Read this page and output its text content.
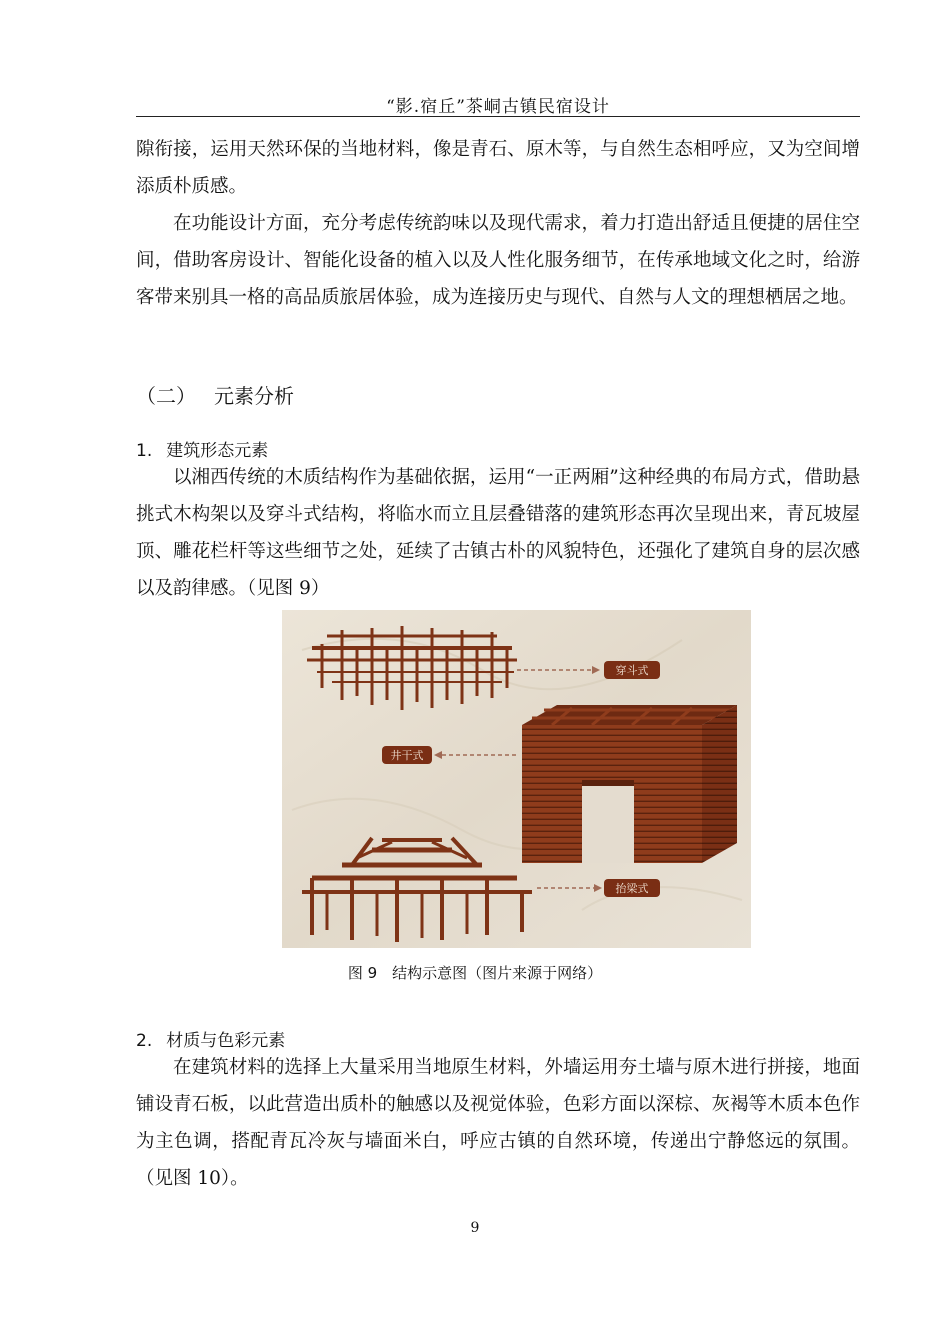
“影.宿丘”茶峒古镇民宿设计

隙衔接，运用天然环保的当地材料，像是青石、原木等，与自然生态相呼应，又为空间增添质朴质感。

在功能设计方面，充分考虑传统韵味以及现代需求，着力打造出舒适且便捷的居住空间，借助客房设计、智能化设备的植入以及人性化服务细节，在传承地域文化之时，给游客带来别具一格的高品质旅居体验，成为连接历史与现代、自然与人文的理想栖居之地。

（二） 元素分析
1. 建筑形态元素

以湘西传统的木质结构作为基础依据，运用“一正两厢”这种经典的布局方式，借助悬挑式木构架以及穿斗式结构，将临水而立且层叠错落的建筑形态再次呈现出来，青瓦坡屋顶、雕花栏杆等这些细节之处，延续了古镇古朴的风貌特色，还强化了建筑自身的层次感以及韵律感。（见图 9）

穿斗式
井干式
抬梁式
图 9　结构示意图（图片来源于网络）
2. 材质与色彩元素

在建筑材料的选择上大量采用当地原生材料，外墙运用夯土墙与原木进行拼接，地面铺设青石板，以此营造出质朴的触感以及视觉体验，色彩方面以深棕、灰褐等木质本色作为主色调，搭配青瓦冷灰与墙面米白，呼应古镇的自然环境，传递出宁静悠远的氛围。（见图 10）。

9
